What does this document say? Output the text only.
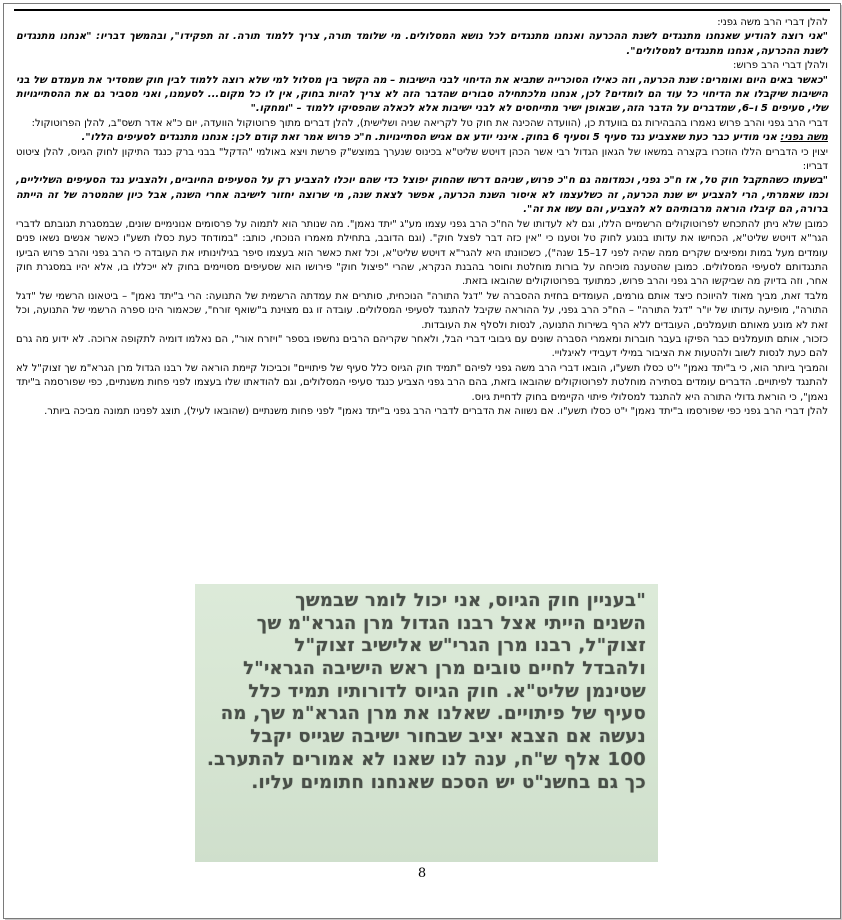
להלן דברי הרב משה גפני:

"אני רוצה להודיע שאנחנו מתנגדים לשנת ההכרעה ואנחנו מתנגדים לכל נושא המסלולים. מי שלומד תורה, צריך ללמוד תורה. זה תפקידו", ובהמשך דבריו: "אנחנו מתנגדים לשנת ההכרעה, אנחנו מתנגדים למסלולים".

ולהלן דברי הרב פרוש:

"כאשר באים היום ואומרים: שנת הכרעה, וזה כאילו הסוכרייה שתביא את הדיחוי לבני הישיבות – מה הקשר בין מסלול למי שלא רוצה ללמוד לבין חוק שמסדיר את מעמדם של בני הישיבות שיקבלו את הדיחוי כל עוד הם לומדים? לכן, אנחנו מלכתחילה סבורים שהדבר הזה לא צריך להיות בחוק, אין לו כל מקום... לסעמנו, ואני מסביר גם את ההסתייגויות שלי, סעיפים 5 ו–6, שמדברים על הדבר הזה, שבאופן ישיר מתייחסים לא לבני ישיבות אלא לכאלה שהפסיקו ללמוד – "ומחקו."

דברי הרב גפני והרב פרוש נאמרו בהבהירות גם בוועדת כן, (הוועדה שהכינה את חוק טל לקריאה שניה ושלישית), להלן דברים מתוך פרוטוקול הוועדה, יום כ"א אדר תשס"ב, להלן הפרוטוקול:

משה גפני: אני מודיע כבר כעת שאצביע נגד סעיף 5 וסעיף 6 בחוק. אינני יודע אם אגיש הסתייגויות. ח"כ פרוש אמר זאת קודם לכן: אנחנו מתנגדים לסעיפים הללו".

יצוין כי הדברים הללו הוזכרו בקצרה במשאו של הגאון הגדול רבי אשר הכהן דויטש שליט"א בכינוס שנערך במוצש"ק פרשת ויצא באולמי "הדקל" בבני ברק כנגד התיקון לחוק הגיוס, להלן ציטוט דבריו:

"בשעתו כשהתקבל חוק טל, אז ח"כ גפני, וכמדומה גם ח"כ פרוש, שניהם דרשו שהחוק יפוצל כדי שהם יוכלו להצביע רק על הסעיפים החיוביים, ולהצביע נגד הסעיפים השליליים, וכמו שאמרתי, הרי להצביע יש שנת הכרעה, זה כשלעצמו לא איסור השנת הכרעה, אפשר לצאת שנה, מי שרוצה יחזור לישיבה אחרי השנה, אבל כיון שהמטרה של זה הייתה ברורה, הם קיבלו הוראה מרבותיהם לא להצביע, והם עשו את זה".

כמובן שלא ניתן להתכחש לפרוטוקולים הרשמיים הללו, וגם לא לעדותו של הח"כ הרב גפני עצמו מע"ג "יתד נאמן". מה שנותר הוא לתמוה על פרסומים אנונימיים שונים, שבמסגרת תגובתם לדברי הגר"א דויטש שליט"א, הכחישו את עדותו בנוגע לחוק טל וטענו כי "אין כזה דבר לפצל חוק". (וגם הדובב, בתחילת מאמרו הנוכחי, כותב: "במודחד כעת כסלו תשע"ו כאשר אנשים נשאו פנים עומדים מעל במות ומפיצים שקרים ממה שהיה לפני 17–15 שנה"), כשכוונתו היא להגר"א דויטש שליט"א, וכל זאת כאשר הוא בעצמו סיפר בגילוינותיו את העובדה כי הרב גפני והרב פרוש הביעו התנגדותם לסעיפי המסלולים. כמובן שהטענה מוכיחה על בורות מוחלטת וחוסר בהבנת הנקרא, שהרי "פיצול חוק" פירושו הוא שסעיפים מסויימים בחוק לא ייכללו בו, אלא יהיו במסגרת חוק אחר, וזה בדיוק מה שביקשו הרב גפני והרב פרוש, כמתועד בפרוטוקולים שהובאו בזאת.

מלבד זאת, מביך מאוד להיווכח כיצד אותם גורמים, העומדים בחזית ההסברה של "דגל התורה" הנוכחית, סותרים את עמדתה הרשמית של התנועה: הרי ב"יתד נאמן" – ביטאונו הרשמי של "דגל התורה", מופיעה עדותו של יו"ר "דגל התורה" – הח"כ הרב גפני, על ההוראה שקיבל להתנגד לסעיפי המסלולים. עובדה זו גם מצוינת ב"שואף זורח", שכאמור הינו ספרה הרשמי של התנועה, וכל זאת לא מונע מאותם תועמלנים, העובדים ללא הרף בשירות התנועה, לנסות ולסלף את העובדות.

כזכור, אותם תועמלנים כבר הפיקו בעבר חוברות ומאמרי הסברה שונים עם גיבובי דברי הבל, ולאחר שקריהם הרבים נחשפו בספר "ויזרח אור", הם נאלמו דומיה לתקופה ארוכה. לא ידוע מה גרם להם כעת לנסות לשוב ולהטעות את הציבור במילי דעבידי לאיגלויי.

והמביך ביותר הוא, כי ב"יתד נאמן" י"ט כסלו תשע"ו, הובאו דברי הרב משה גפני לפיהם "תמיד חוק הגיוס כלל סעיף של פיתויים" וכביכול קיימת הוראה של רבנו הגדול מרן הגרא"מ שך זצוק"ל לא להתנגד לפיתויים. הדברים עומדים בסתירה מוחלטת לפרוטוקולים שהובאו בזאת, בהם הרב גפני הצביע כנגד סעיפי המסלולים, וגם להודאתו שלו בעצמו לפני פחות משנתיים, כפי שפורסמה ב"יתד נאמן", כי הוראת גדולי התורה היא להתנגד למסלולי פיתוי הקיימים בחוק לדחיית גיוס.

להלן דברי הרב גפני כפי שפורסמו ב"יתד נאמן" י"ט כסלו תשע"ו. אם נשווה את הדברים לדברי הרב גפני ב"יתד נאמן" לפני פחות משנתיים (שהובאו לעיל), תוצג לפנינו תמונה מביכה ביותר.

"בעניין חוק הגיוס, אני יכול לומר שבמשך
השנים הייתי אצל רבנו הגדול מרן הגרא"מ שך
זצוק"ל, רבנו מרן הגרי"ש אלישיב זצוק"ל
ולהבדל לחיים טובים מרן ראש הישיבה הגראי"ל
שטינמן שליט"א. חוק הגיוס לדורותיו תמיד כלל
סעיף של פיתויים. שאלנו את מרן הגרא"מ שך, מה
נעשה אם הצבא יציב שבחור ישיבה שגייס יקבל
100 אלף ש"ח, ענה לנו שאנו לא אמורים להתערב.
כך גם בחשנ"ט יש הסכם שאנחנו חתומים עליו.
8
